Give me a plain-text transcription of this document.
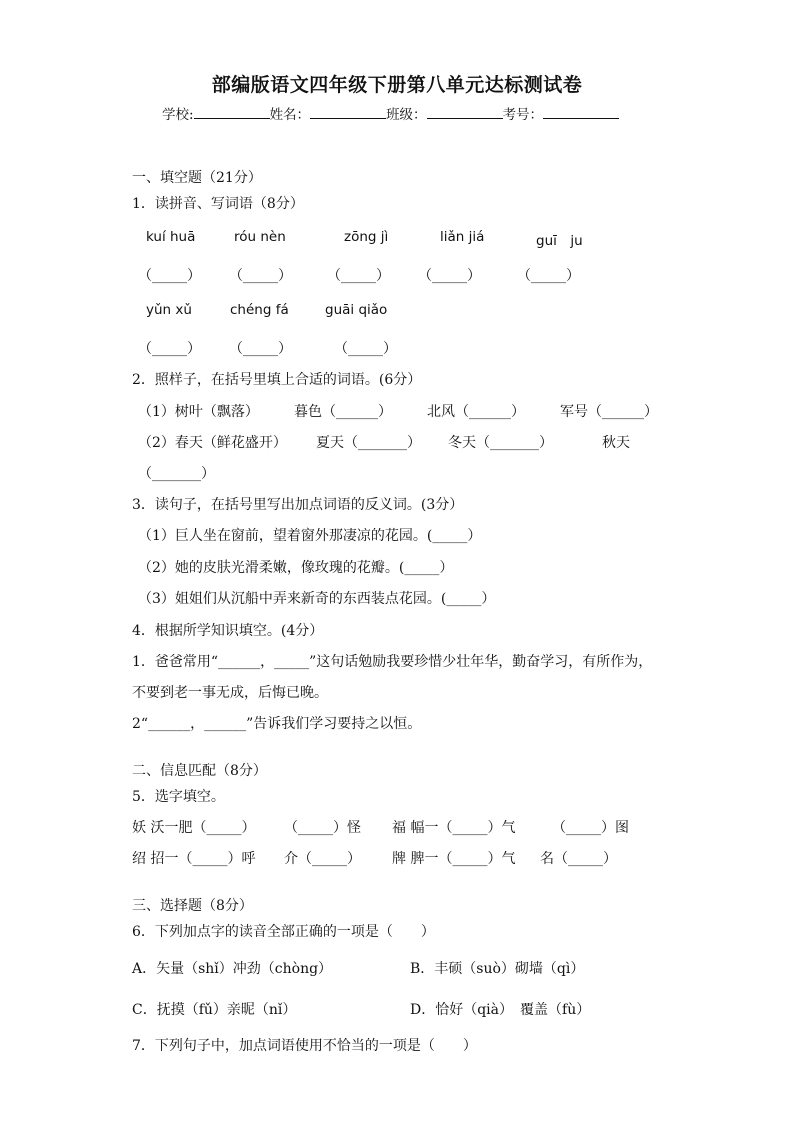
部编版语文四年级下册第八单元达标测试卷
学校:	姓名：	班级：	考号：
一、填空题（21分）
1．读拼音、写词语（8分）
kuí huā	róu nèn	zōng jì	liǎn jiá	guī　ju
（_____） （_____）	（_____） （_____）	（_____）
yǔn xǔ	chéng fá	guāi qiǎo
（_____） （_____）	（_____）
2．照样子，在括号里填上合适的词语。(6分）
（1）树叶（飘落）	暮色（______）	北风（______）	军号（______）
（2）春天（鲜花盛开） 夏天（_______） 冬天（_______）	秋天
（_______）
3．读句子，在括号里写出加点词语的反义词。(3分）
（1）巨人坐在窗前，望着窗外那凄凉的花园。(_____）
（2）她的皮肤光滑柔嫩，像玫瑰的花瓣。(_____）
（3）姐姐们从沉船中弄来新奇的东西装点花园。(_____）
4．根据所学知识填空。(4分）
1．爸爸常用“______，_____”这句话勉励我要珍惜少壮年华，勤奋学习，有所作为，
不要到老一事无成，后悔已晚。
2“______，______”告诉我们学习要持之以恒。
二、信息匹配（8分）
5．选字填空。
妖 沃一肥（_____） （_____）怪 福 幅一（_____）气	（_____）图
绍 招一（_____）呼 介（_____） 牌 脾一（_____）气 名（_____）
三、选择题（8分）
6．下列加点字的读音全部正确的一项是（　　）
A．矢量（shǐ）冲劲（chòng）	B．丰硕（suò）砌墙（qì）
C．抚摸（fǔ）亲昵（nǐ）	D．恰好（qià）　覆盖（fù）
7．下列句子中，加点词语使用不恰当的一项是（　　）
